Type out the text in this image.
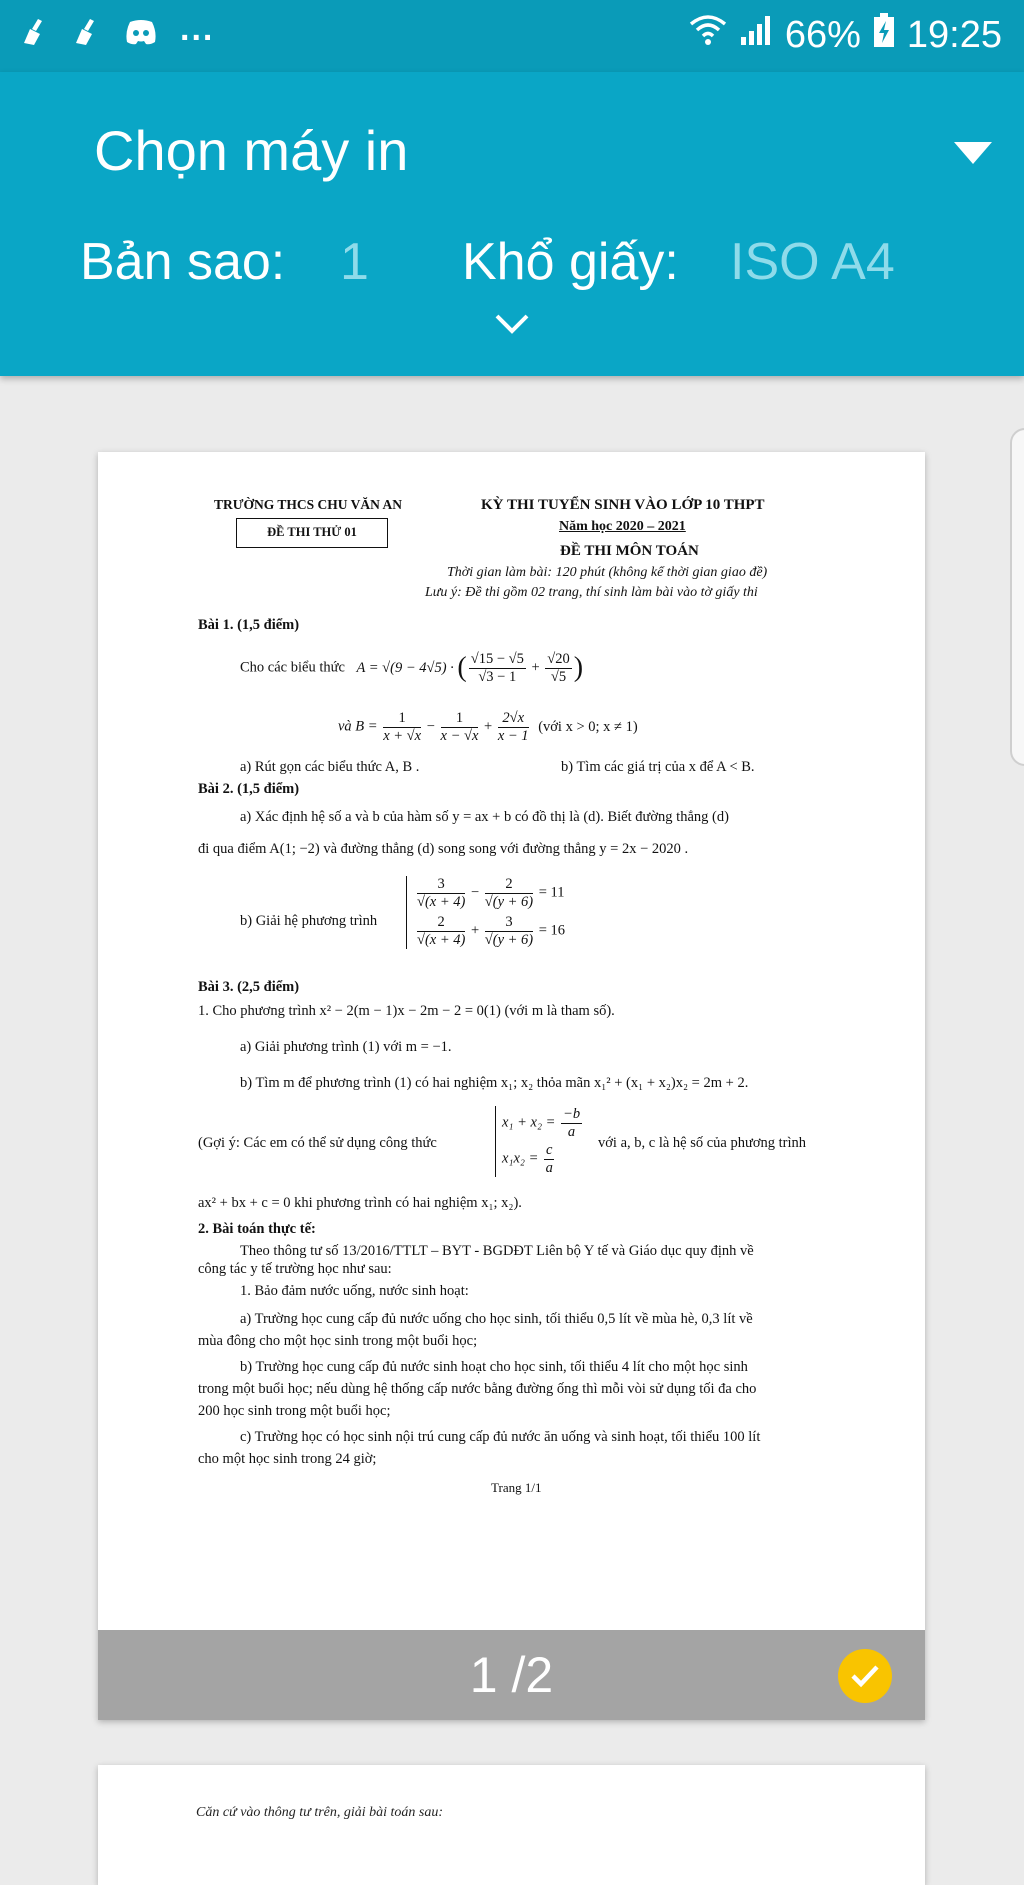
...	66% 19:25
Chọn máy in
Bản sao: 1 Khổ giấy: ISO A4
TRƯỜNG THCS CHU VĂN AN
ĐỀ THI THỬ 01
KỲ THI TUYỂN SINH VÀO LỚP 10 THPT
Năm học 2020 – 2021
ĐỀ THI MÔN TOÁN
Thời gian làm bài: 120 phút (không kể thời gian giao đề)
Lưu ý: Đề thi gồm 02 trang, thí sinh làm bài vào tờ giấy thi
Bài 1. (1,5 điểm)
Cho các biểu thức A = √(9 − 4√5) · ( $\frac{√15 - √5}{√3 - 1} + \frac{√20}{√5}$ )
và $B = \frac{1}{x + √x} - \frac{1}{x - √x} + \frac{2√x}{x - 1}$ (với x > 0; x ≠ 1)
a) Rút gọn các biểu thức A, B .	b) Tìm các giá trị của x để A < B.
Bài 2. (1,5 điểm)
a) Xác định hệ số a và b của hàm số y = ax + b có đồ thị là (d). Biết đường thẳng (d)
đi qua điểm A(1; −2) và đường thẳng (d) song song với đường thẳng y = 2x − 2020 .
b) Giải hệ phương trình
$\frac{3}{√(x + 4)} - \frac{2}{√(y + 6)} = 11$
$\frac{2}{√(x + 4)} + \frac{3}{√(y + 6)} = 16$
Bài 3. (2,5 điểm)
1. Cho phương trình x² − 2(m − 1)x − 2m − 2 = 0(1) (với m là tham số).
a) Giải phương trình (1) với m = −1.
b) Tìm m để phương trình (1) có hai nghiệm x₁; x₂ thỏa mãn x₁² + (x₁ + x₂)x₂ = 2m + 2.
(Gợi ý: Các em có thể sử dụng công thức
$x_1 + x_2 = \frac{-b}{a}$
$x_1x_2 = \frac{c}{a}$	với a, b, c là hệ số của phương trình
ax² + bx + c = 0 khi phương trình có hai nghiệm x₁; x₂).
2. Bài toán thực tế:
Theo thông tư số 13/2016/TTLT – BYT - BGDĐT Liên bộ Y tế và Giáo dục quy định về
công tác y tế trường học như sau:
1. Bảo đảm nước uống, nước sinh hoạt:
a) Trường học cung cấp đủ nước uống cho học sinh, tối thiểu 0,5 lít về mùa hè, 0,3 lít về
mùa đông cho một học sinh trong một buổi học;
b) Trường học cung cấp đủ nước sinh hoạt cho học sinh, tối thiểu 4 lít cho một học sinh
trong một buổi học; nếu dùng hệ thống cấp nước bằng đường ống thì mỗi vòi sử dụng tối đa cho
200 học sinh trong một buổi học;
c) Trường học có học sinh nội trú cung cấp đủ nước ăn uống và sinh hoạt, tối thiểu 100 lít
cho một học sinh trong 24 giờ;
Trang 1/1
1 /2
Căn cứ vào thông tư trên, giải bài toán sau:
